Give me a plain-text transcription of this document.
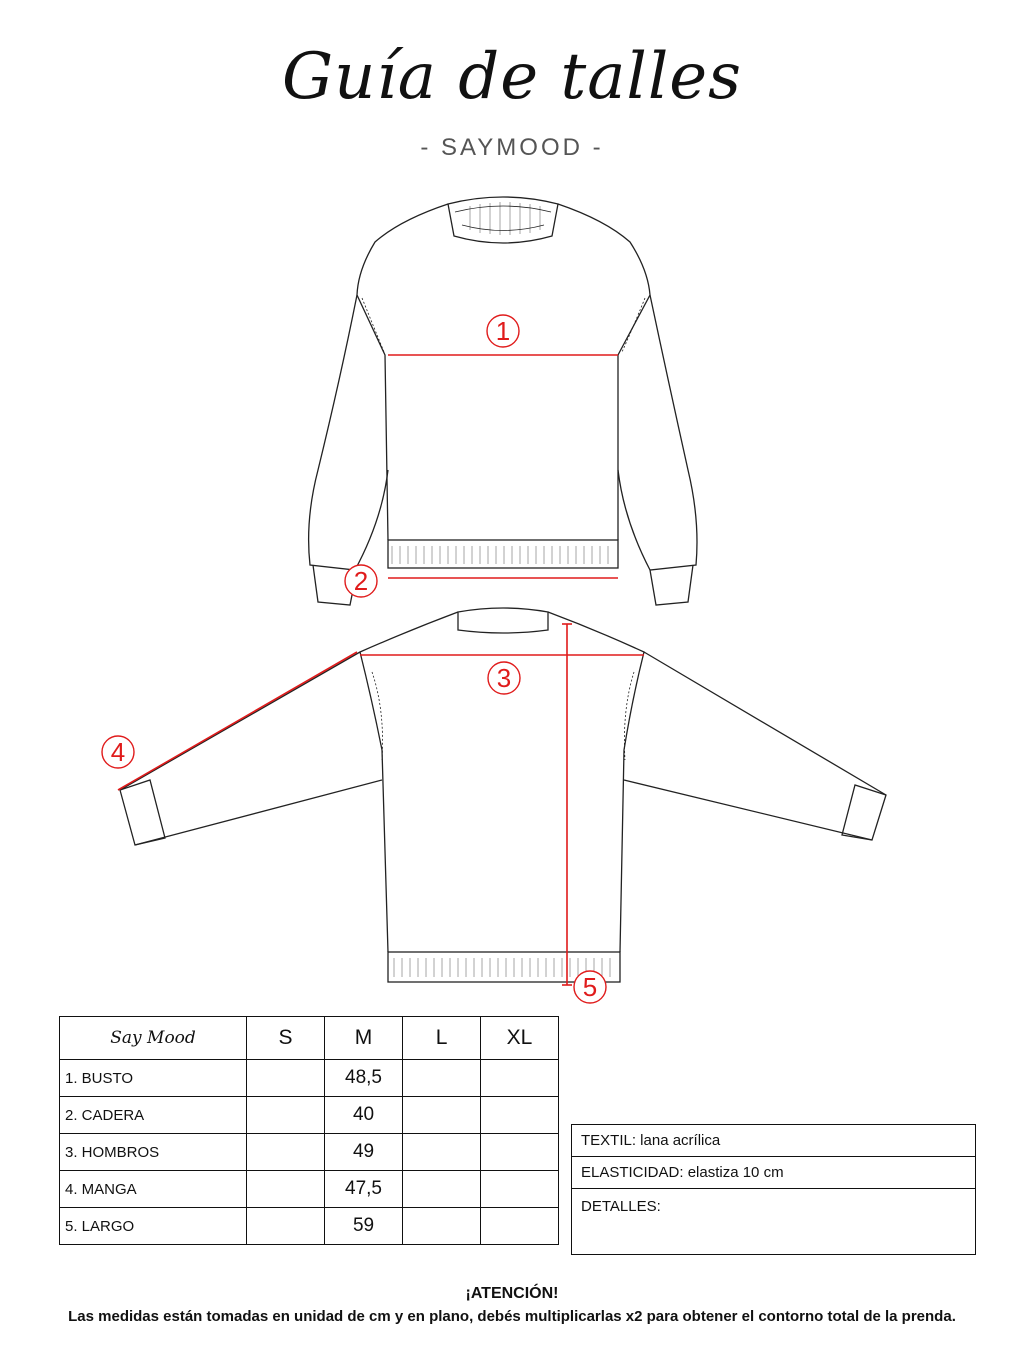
Guía de talles
- SAYMOOD -
1
2
3
4
5
Say Mood	S	M	L	XL
1. BUSTO		48,5		
2. CADERA		40		
3. HOMBROS		49		
4. MANGA		47,5		
5. LARGO		59		
TEXTIL: lana acrílica
ELASTICIDAD: elastiza 10 cm
DETALLES:
¡ATENCIÓN!
Las medidas están tomadas en unidad de cm y en plano, debés multiplicarlas x2 para obtener el contorno total de la prenda.
